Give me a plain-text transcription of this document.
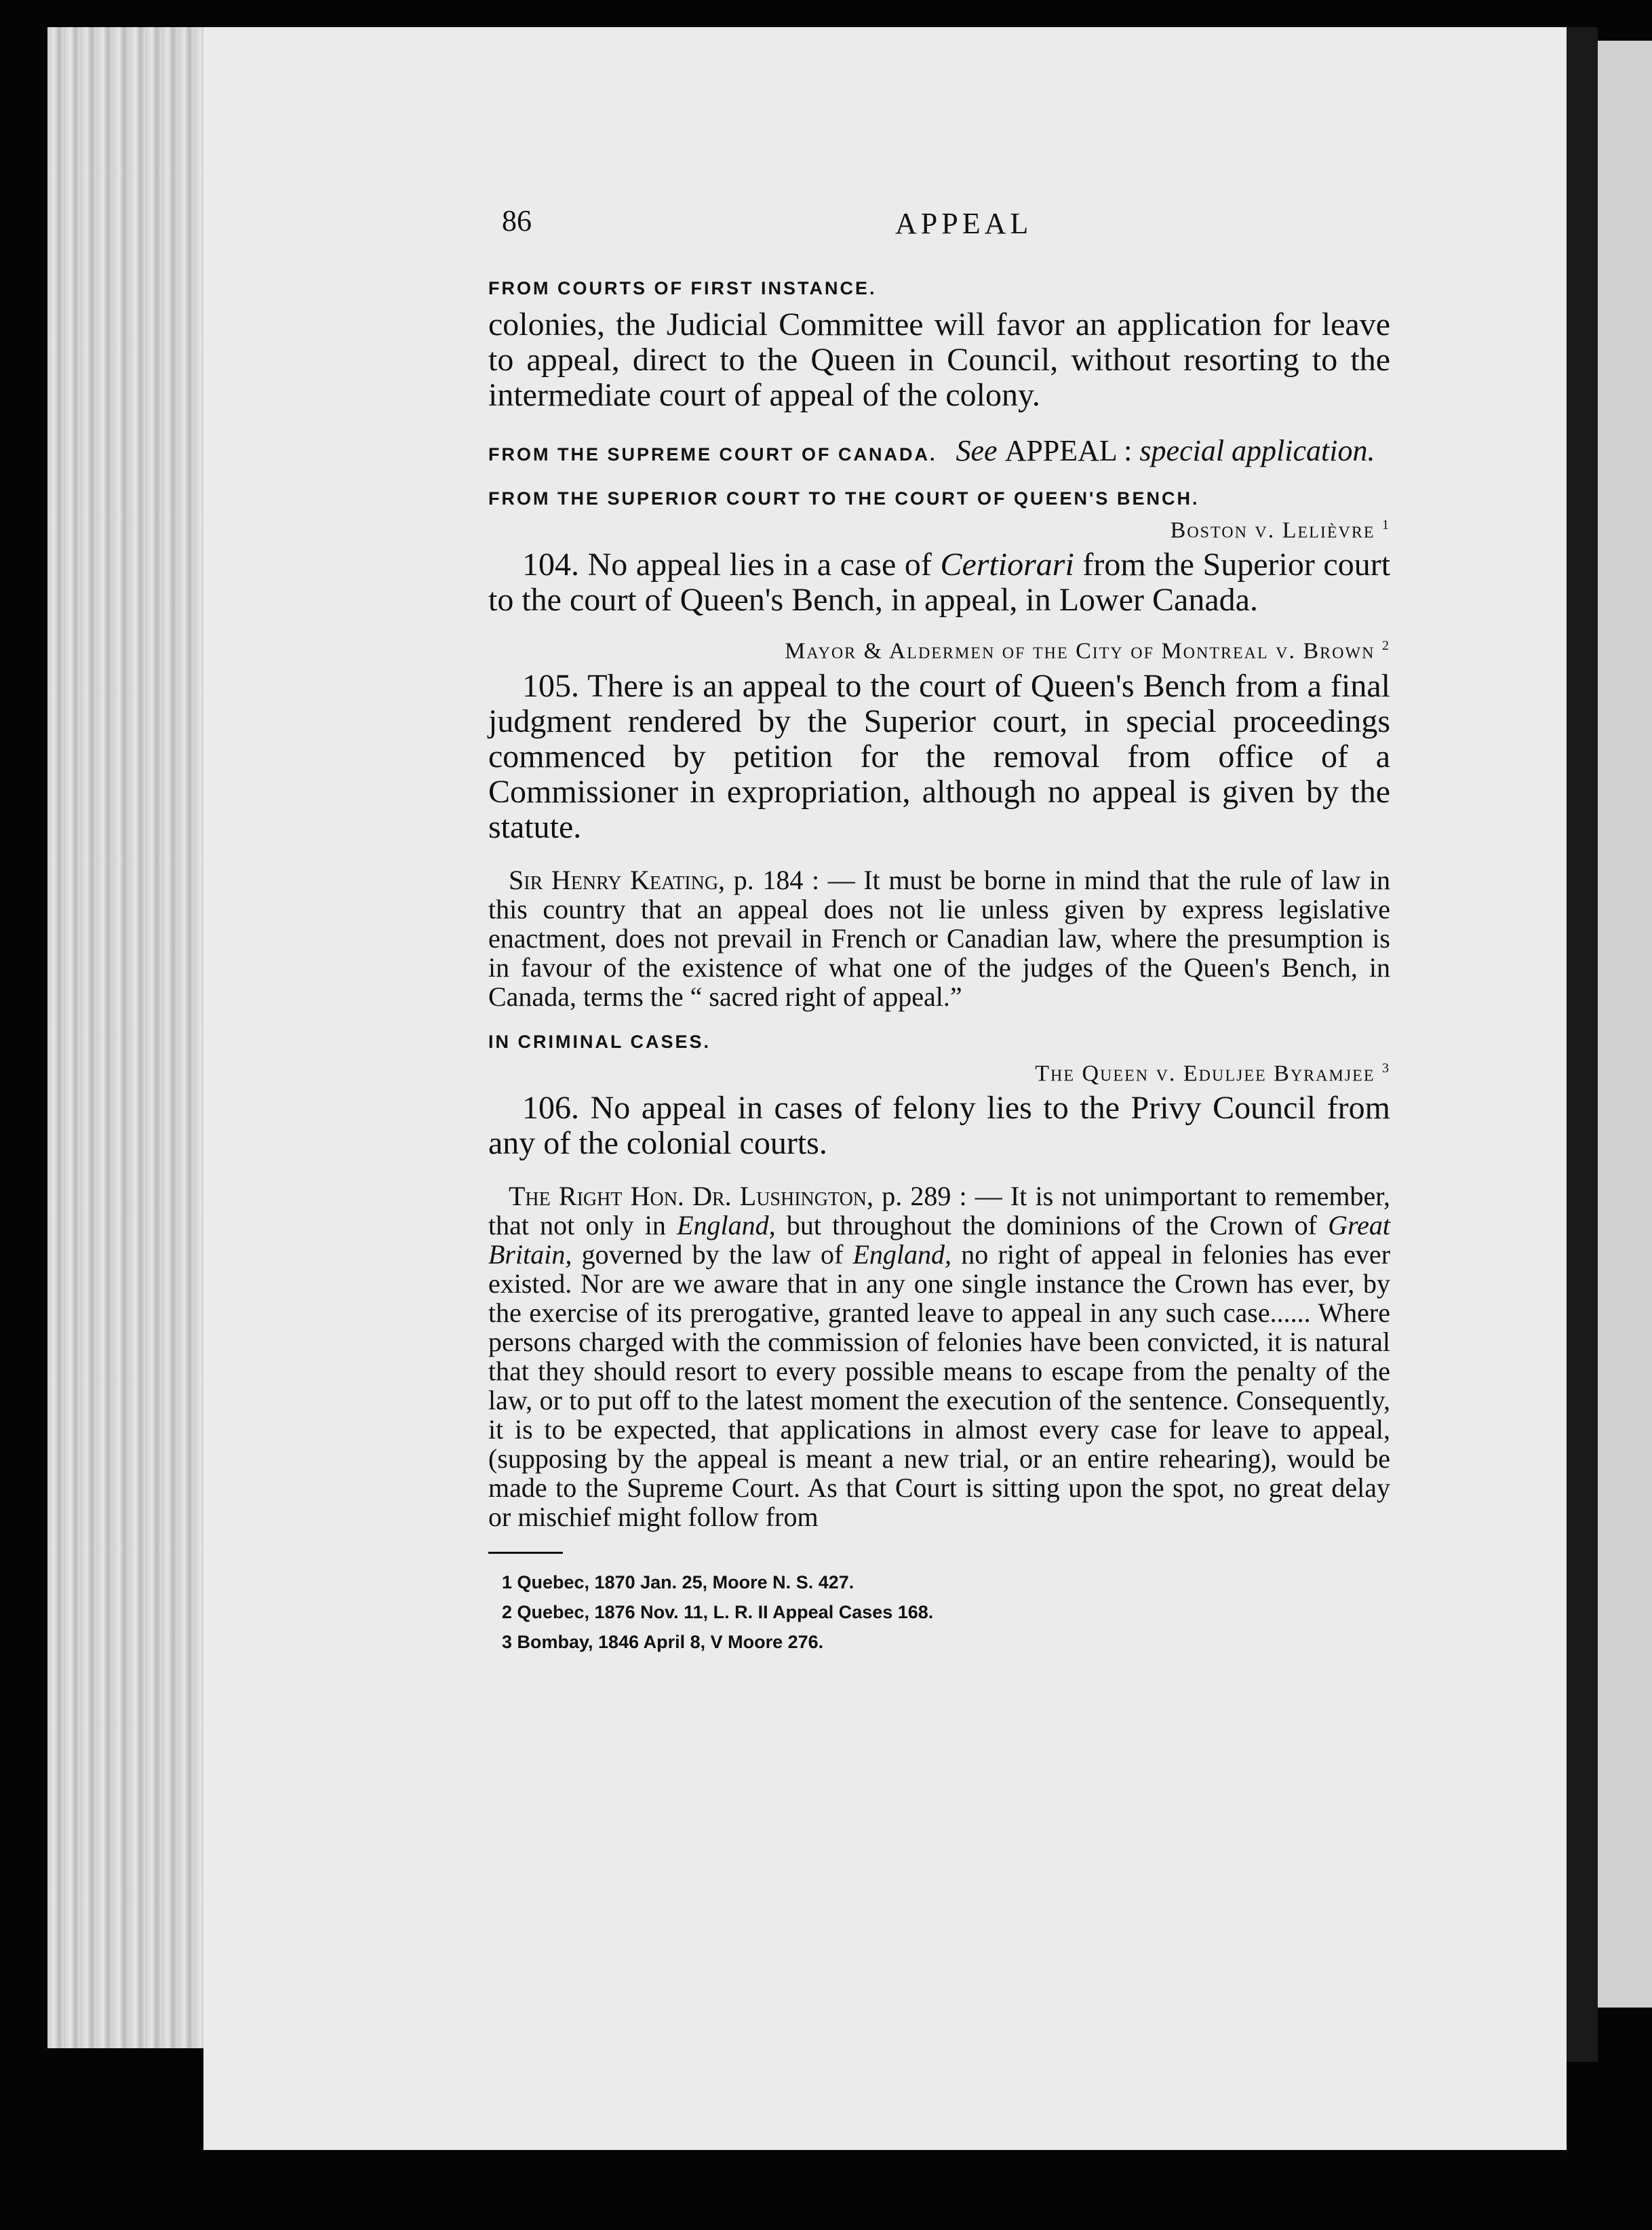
86	APPEAL
FROM COURTS OF FIRST INSTANCE.

colonies, the Judicial Committee will favor an application for leave to appeal, direct to the Queen in Council, without resorting to the intermediate court of appeal of the colony.

FROM THE SUPREME COURT OF CANADA. See APPEAL : special application.
FROM THE SUPERIOR COURT TO THE COURT OF QUEEN'S BENCH.
Boston v. Lelièvre $^1$

104. No appeal lies in a case of Certiorari from the Superior court to the court of Queen's Bench, in appeal, in Lower Canada.

Mayor & Aldermen of the City of Montreal v. Brown $^2$

105. There is an appeal to the court of Queen's Bench from a final judgment rendered by the Superior court, in special proceedings commenced by petition for the removal from office of a Commissioner in expropriation, although no appeal is given by the statute.

Sir Henry Keating, p. 184 : — It must be borne in mind that the rule of law in this country that an appeal does not lie unless given by express legislative enactment, does not prevail in French or Canadian law, where the presumption is in favour of the existence of what one of the judges of the Queen's Bench, in Canada, terms the “ sacred right of appeal.”

IN CRIMINAL CASES.
The Queen v. Eduljee Byramjee $^3$

106. No appeal in cases of felony lies to the Privy Council from any of the colonial courts.

The Right Hon. Dr. Lushington, p. 289 : — It is not unimportant to remember, that not only in England, but throughout the dominions of the Crown of Great Britain, governed by the law of England, no right of appeal in felonies has ever existed. Nor are we aware that in any one single instance the Crown has ever, by the exercise of its prerogative, granted leave to appeal in any such case...... Where persons charged with the commission of felonies have been convicted, it is natural that they should resort to every possible means to escape from the penalty of the law, or to put off to the latest moment the execution of the sentence. Consequently, it is to be expected, that applications in almost every case for leave to appeal, (supposing by the appeal is meant a new trial, or an entire rehearing), would be made to the Supreme Court. As that Court is sitting upon the spot, no great delay or mischief might follow from

1 Quebec, 1870 Jan. 25, Moore N. S. 427.
2 Quebec, 1876 Nov. 11, L. R. II Appeal Cases 168.
3 Bombay, 1846 April 8, V Moore 276.
